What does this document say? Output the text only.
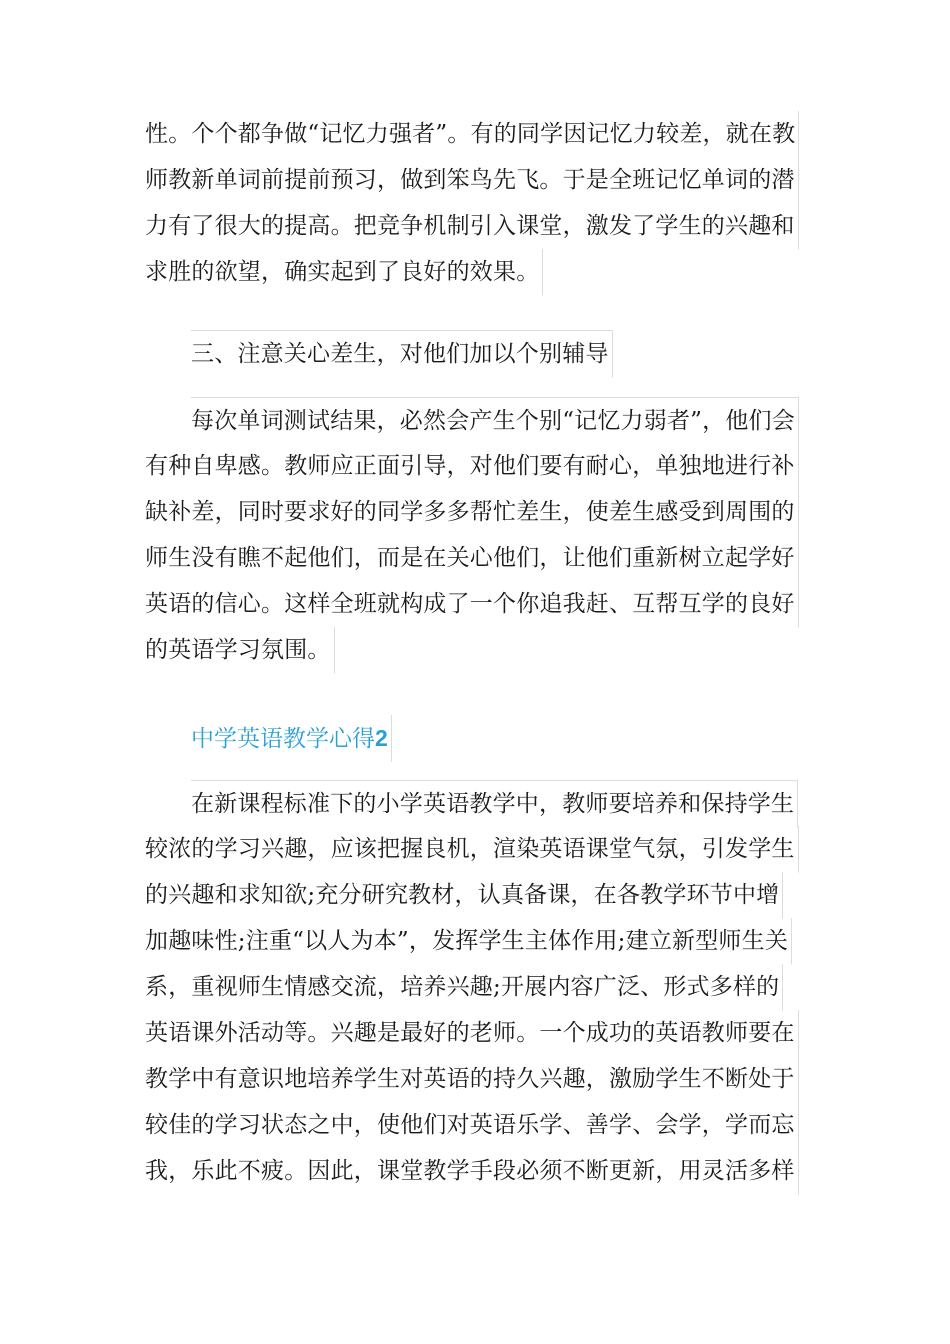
性。个个都争做“记忆力强者”。有的同学因记忆力较差，就在教
师教新单词前提前预习，做到笨鸟先飞。于是全班记忆单词的潜
力有了很大的提高。把竞争机制引入课堂，激发了学生的兴趣和
求胜的欲望，确实起到了良好的效果。
三、注意关心差生，对他们加以个别辅导
每次单词测试结果，必然会产生个别“记忆力弱者”，他们会
有种自卑感。教师应正面引导，对他们要有耐心，单独地进行补
缺补差，同时要求好的同学多多帮忙差生，使差生感受到周围的
师生没有瞧不起他们，而是在关心他们，让他们重新树立起学好
英语的信心。这样全班就构成了一个你追我赶、互帮互学的良好
的英语学习氛围。
中学英语教学心得2
在新课程标准下的小学英语教学中，教师要培养和保持学生
较浓的学习兴趣，应该把握良机，渲染英语课堂气氛，引发学生
的兴趣和求知欲;充分研究教材，认真备课，在各教学环节中增
加趣味性;注重“以人为本”，发挥学生主体作用;建立新型师生关
系，重视师生情感交流，培养兴趣;开展内容广泛、形式多样的
英语课外活动等。兴趣是最好的老师。一个成功的英语教师要在
教学中有意识地培养学生对英语的持久兴趣，激励学生不断处于
较佳的学习状态之中，使他们对英语乐学、善学、会学，学而忘
我，乐此不疲。因此，课堂教学手段必须不断更新，用灵活多样
